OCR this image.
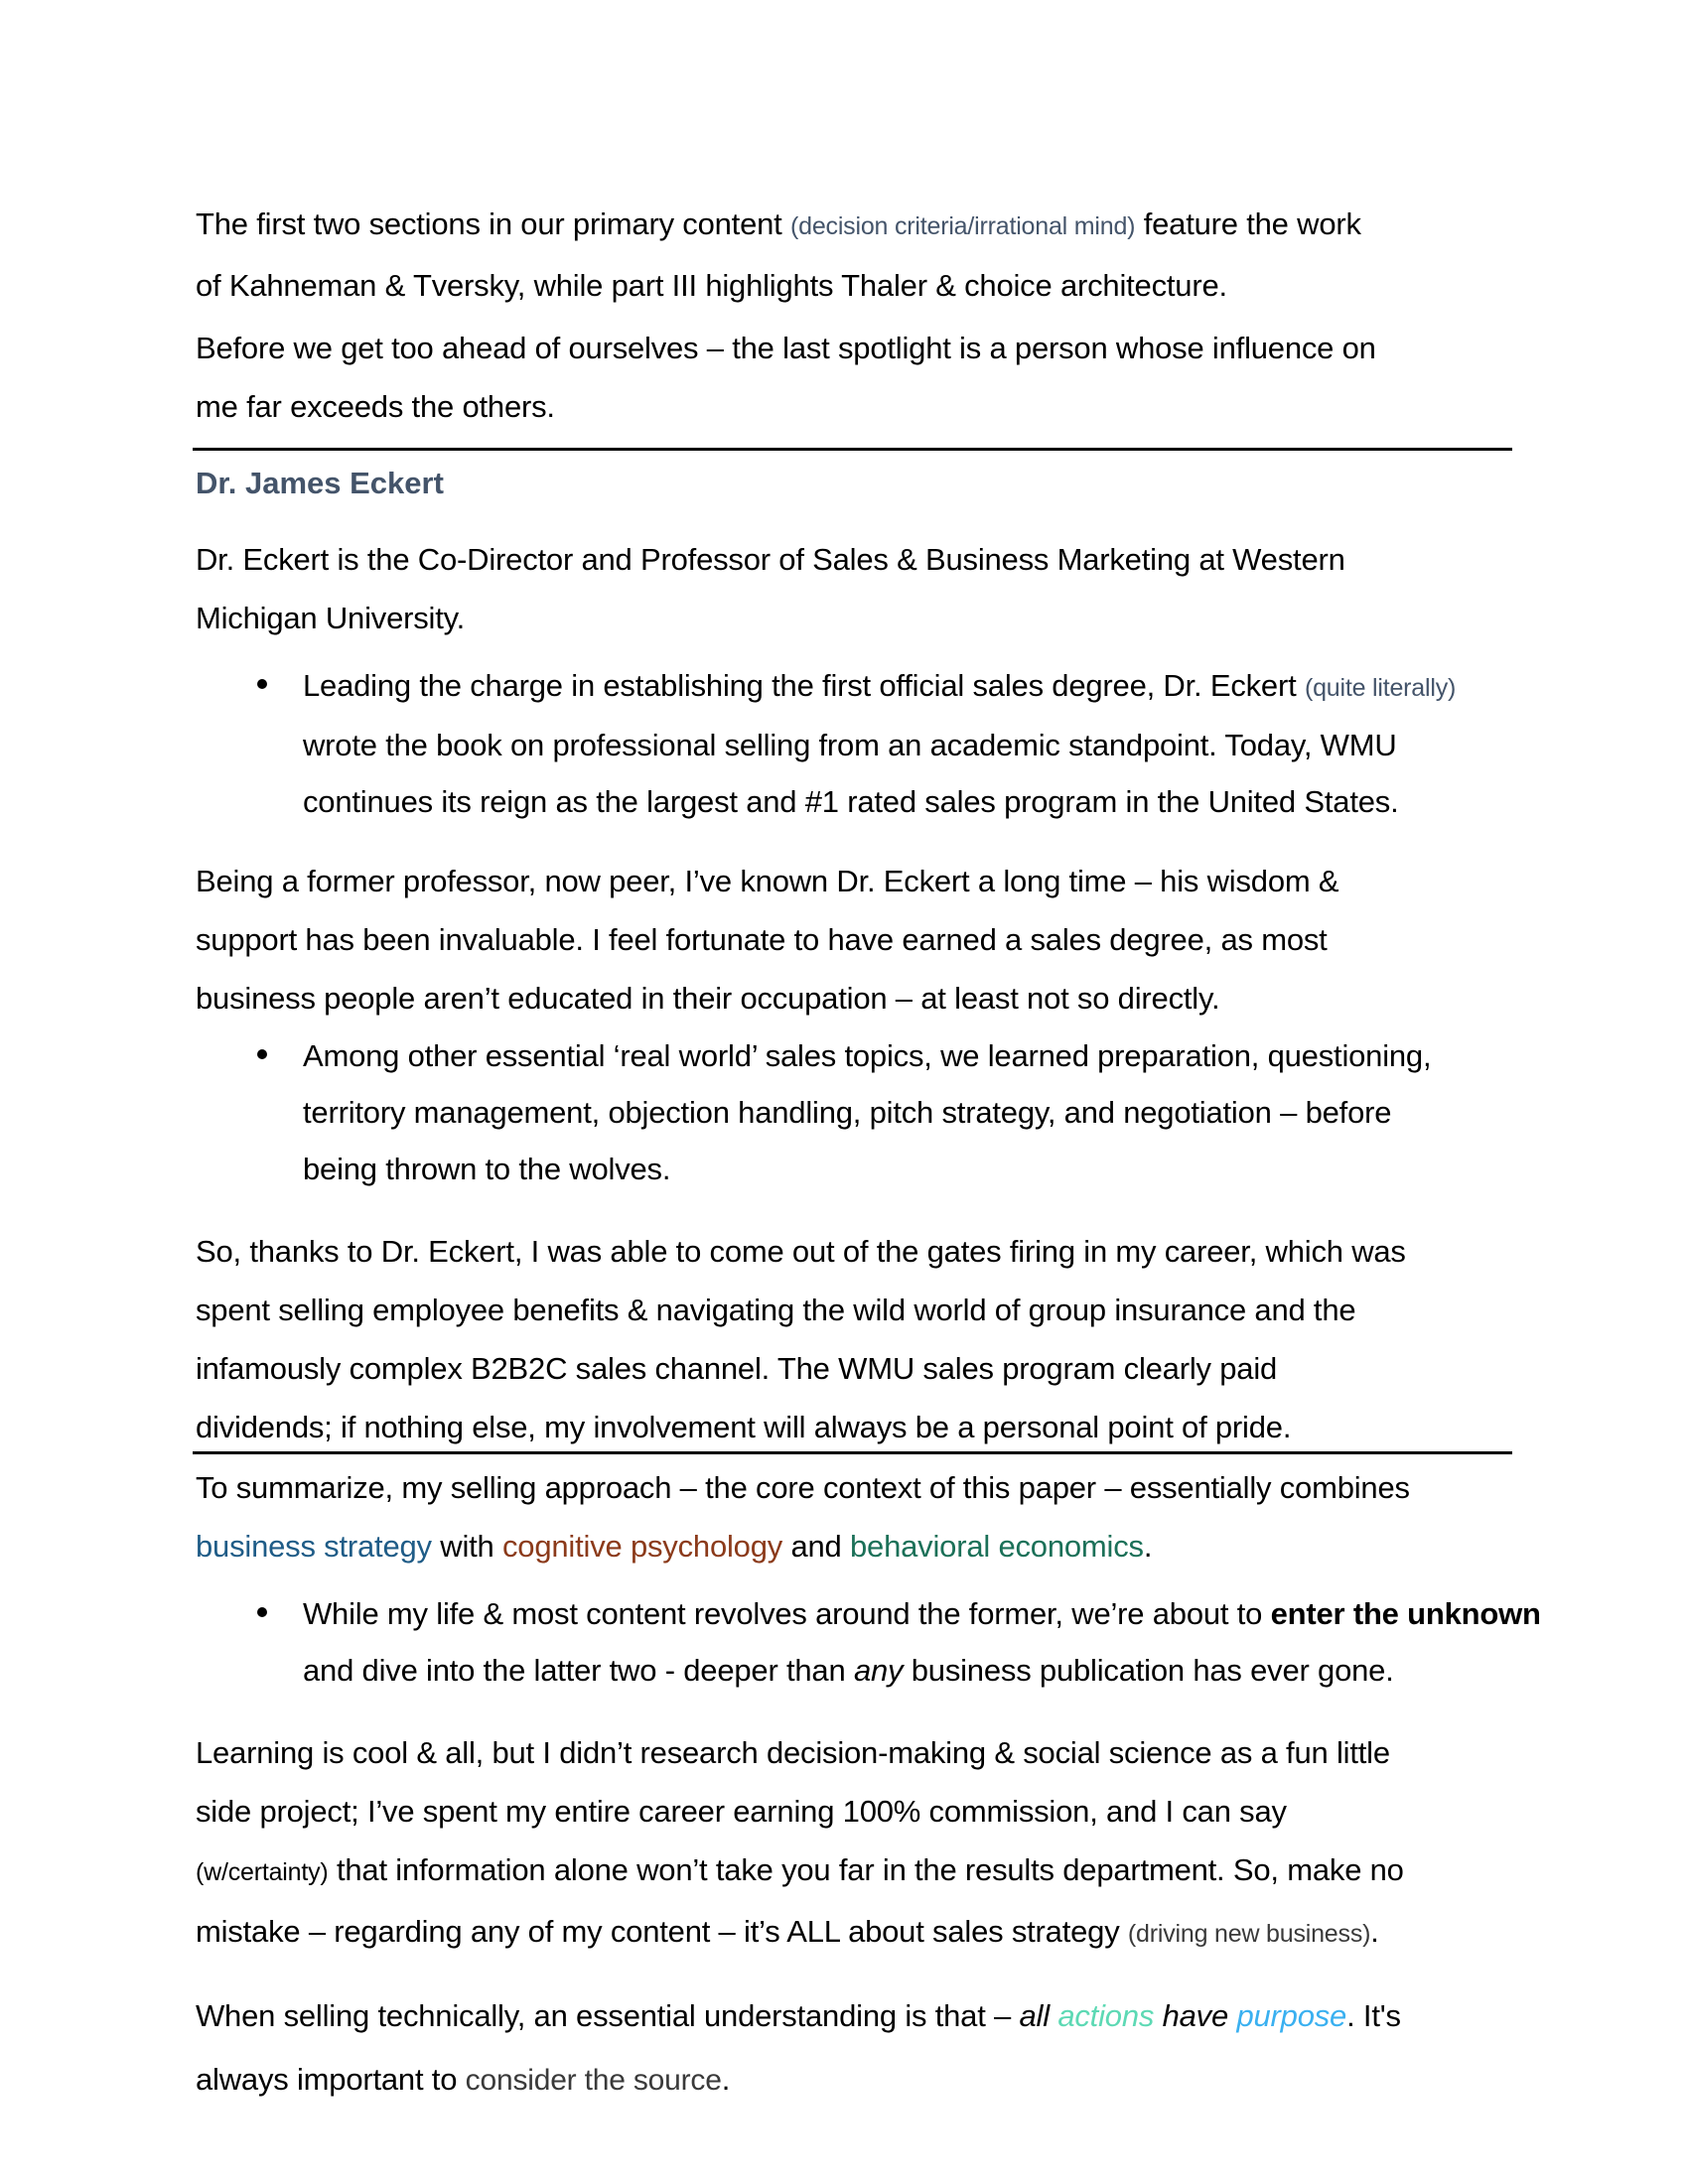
The first two sections in our primary content (decision criteria/irrational mind) feature the work
of Kahneman & Tversky, while part III highlights Thaler & choice architecture.

Before we get too ahead of ourselves – the last spotlight is a person whose influence on
me far exceeds the others.

Dr. James Eckert

Dr. Eckert is the Co-Director and Professor of Sales & Business Marketing at Western
Michigan University.

Leading the charge in establishing the first official sales degree, Dr. Eckert (quite literally)
wrote the book on professional selling from an academic standpoint. Today, WMU
continues its reign as the largest and #1 rated sales program in the United States.

Being a former professor, now peer, I’ve known Dr. Eckert a long time – his wisdom &
support has been invaluable. I feel fortunate to have earned a sales degree, as most
business people aren’t educated in their occupation – at least not so directly.

Among other essential ‘real world’ sales topics, we learned preparation, questioning,
territory management, objection handling, pitch strategy, and negotiation – before
being thrown to the wolves.

So, thanks to Dr. Eckert, I was able to come out of the gates firing in my career, which was
spent selling employee benefits & navigating the wild world of group insurance and the
infamously complex B2B2C sales channel. The WMU sales program clearly paid
dividends; if nothing else, my involvement will always be a personal point of pride.

To summarize, my selling approach – the core context of this paper – essentially combines
business strategy with cognitive psychology and behavioral economics.

While my life & most content revolves around the former, we’re about to enter the unknown
and dive into the latter two - deeper than any business publication has ever gone.

Learning is cool & all, but I didn’t research decision-making & social science as a fun little
side project; I’ve spent my entire career earning 100% commission, and I can say
(w/certainty) that information alone won’t take you far in the results department. So, make no
mistake – regarding any of my content – it’s ALL about sales strategy (driving new business).

When selling technically, an essential understanding is that – all actions have purpose. It's
always important to consider the source.
